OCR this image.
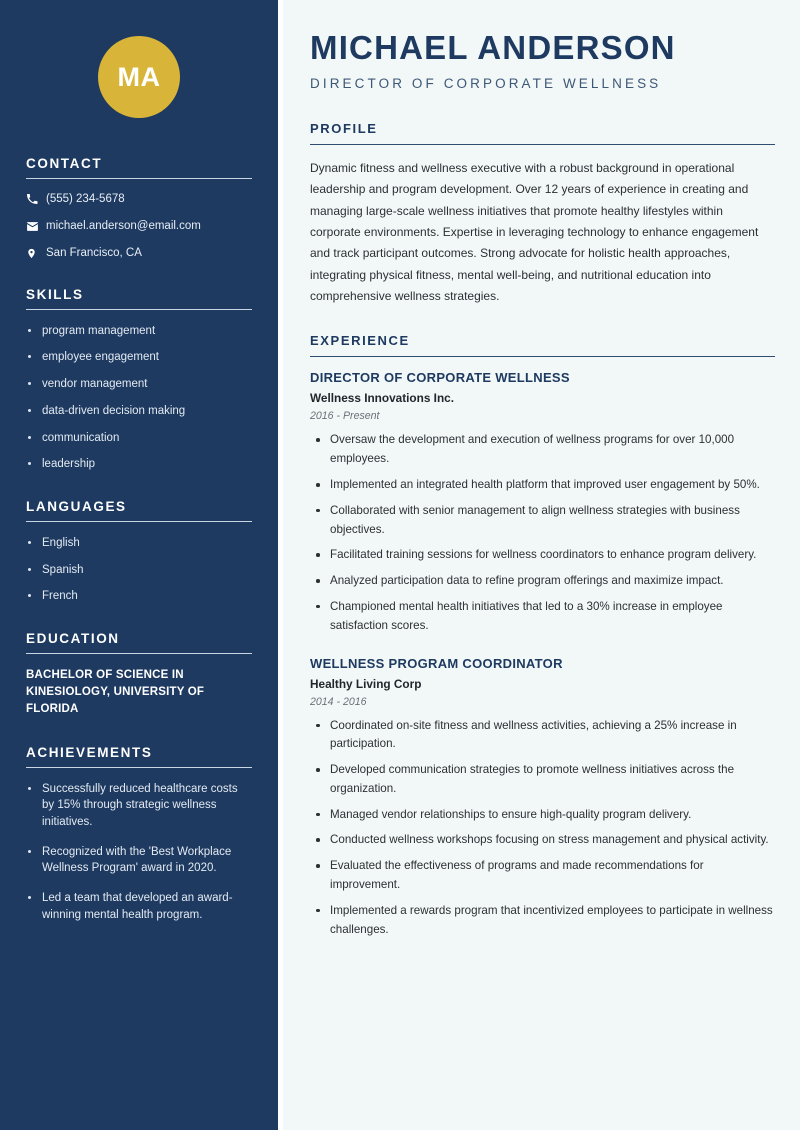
MA
CONTACT
(555) 234-5678
michael.anderson@email.com
San Francisco, CA
SKILLS
program management
employee engagement
vendor management
data-driven decision making
communication
leadership
LANGUAGES
English
Spanish
French
EDUCATION
BACHELOR OF SCIENCE IN KINESIOLOGY, UNIVERSITY OF FLORIDA
ACHIEVEMENTS
Successfully reduced healthcare costs by 15% through strategic wellness initiatives.
Recognized with the 'Best Workplace Wellness Program' award in 2020.
Led a team that developed an award-winning mental health program.
MICHAEL ANDERSON
DIRECTOR OF CORPORATE WELLNESS
PROFILE

Dynamic fitness and wellness executive with a robust background in operational leadership and program development. Over 12 years of experience in creating and managing large-scale wellness initiatives that promote healthy lifestyles within corporate environments. Expertise in leveraging technology to enhance engagement and track participant outcomes. Strong advocate for holistic health approaches, integrating physical fitness, mental well-being, and nutritional education into comprehensive wellness strategies.

EXPERIENCE
DIRECTOR OF CORPORATE WELLNESS
Wellness Innovations Inc.
2016 - Present
Oversaw the development and execution of wellness programs for over 10,000 employees.
Implemented an integrated health platform that improved user engagement by 50%.
Collaborated with senior management to align wellness strategies with business objectives.
Facilitated training sessions for wellness coordinators to enhance program delivery.
Analyzed participation data to refine program offerings and maximize impact.
Championed mental health initiatives that led to a 30% increase in employee satisfaction scores.
WELLNESS PROGRAM COORDINATOR
Healthy Living Corp
2014 - 2016
Coordinated on-site fitness and wellness activities, achieving a 25% increase in participation.
Developed communication strategies to promote wellness initiatives across the organization.
Managed vendor relationships to ensure high-quality program delivery.
Conducted wellness workshops focusing on stress management and physical activity.
Evaluated the effectiveness of programs and made recommendations for improvement.
Implemented a rewards program that incentivized employees to participate in wellness challenges.
